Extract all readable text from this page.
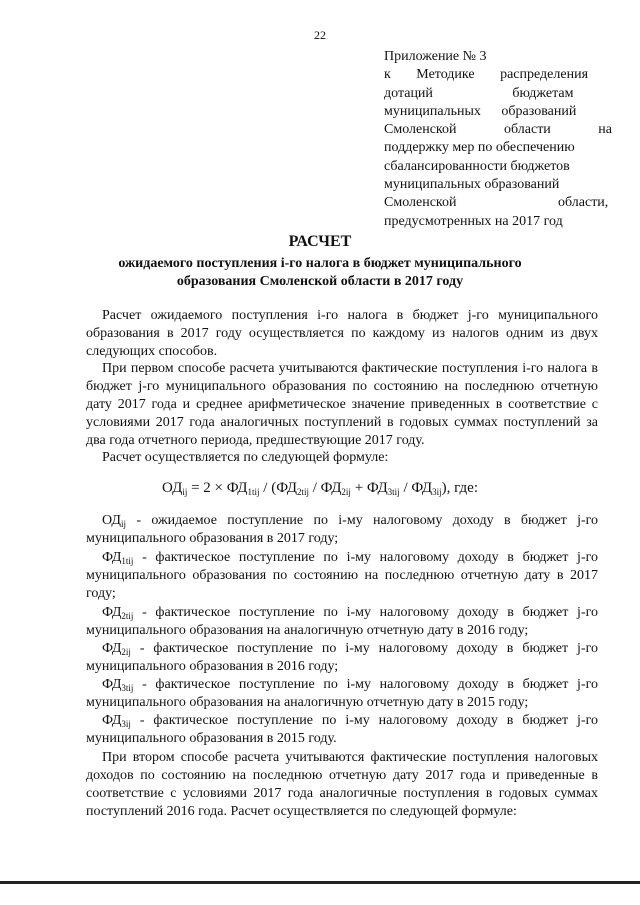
22
Приложение № 3
к Методике распределения
дотаций бюджетам
муниципальных образований
Смоленской области на
поддержку мер по обеспечению
сбалансированности бюджетов
муниципальных образований
Смоленской области,
предусмотренных на 2017 год
РАСЧЕТ
ожидаемого поступления i-го налога в бюджет муниципального
образования Смоленской области в 2017 году
Расчет ожидаемого поступления i-го налога в бюджет j-го муниципального образования в 2017 году осуществляется по каждому из налогов одним из двух следующих способов.
При первом способе расчета учитываются фактические поступления i-го налога в бюджет j-го муниципального образования по состоянию на последнюю отчетную дату 2017 года и среднее арифметическое значение приведенных в соответствие с условиями 2017 года аналогичных поступлений в годовых суммах поступлений за два года отчетного периода, предшествующие 2017 году.
Расчет осуществляется по следующей формуле:
$ОД_{ij} = 2 \times ФД_{1tij} / (ФД_{2tij} / ФД_{2ij} + ФД_{3tij} / ФД_{3ij})$, где:
$ОД_{ij}$ - ожидаемое поступление по i-му налоговому доходу в бюджет j-го муниципального образования в 2017 году;
$ФД_{1tij}$ - фактическое поступление по i-му налоговому доходу в бюджет j-го муниципального образования по состоянию на последнюю отчетную дату в 2017 году;
$ФД_{2tij}$ - фактическое поступление по i-му налоговому доходу в бюджет j-го муниципального образования на аналогичную отчетную дату в 2016 году;
$ФД_{2ij}$ - фактическое поступление по i-му налоговому доходу в бюджет j-го муниципального образования в 2016 году;
$ФД_{3tij}$ - фактическое поступление по i-му налоговому доходу в бюджет j-го муниципального образования на аналогичную отчетную дату в 2015 году;
$ФД_{3ij}$ - фактическое поступление по i-му налоговому доходу в бюджет j-го муниципального образования в 2015 году.
При втором способе расчета учитываются фактические поступления налоговых доходов по состоянию на последнюю отчетную дату 2017 года и приведенные в соответствие с условиями 2017 года аналогичные поступления в годовых суммах поступлений 2016 года. Расчет осуществляется по следующей формуле:
